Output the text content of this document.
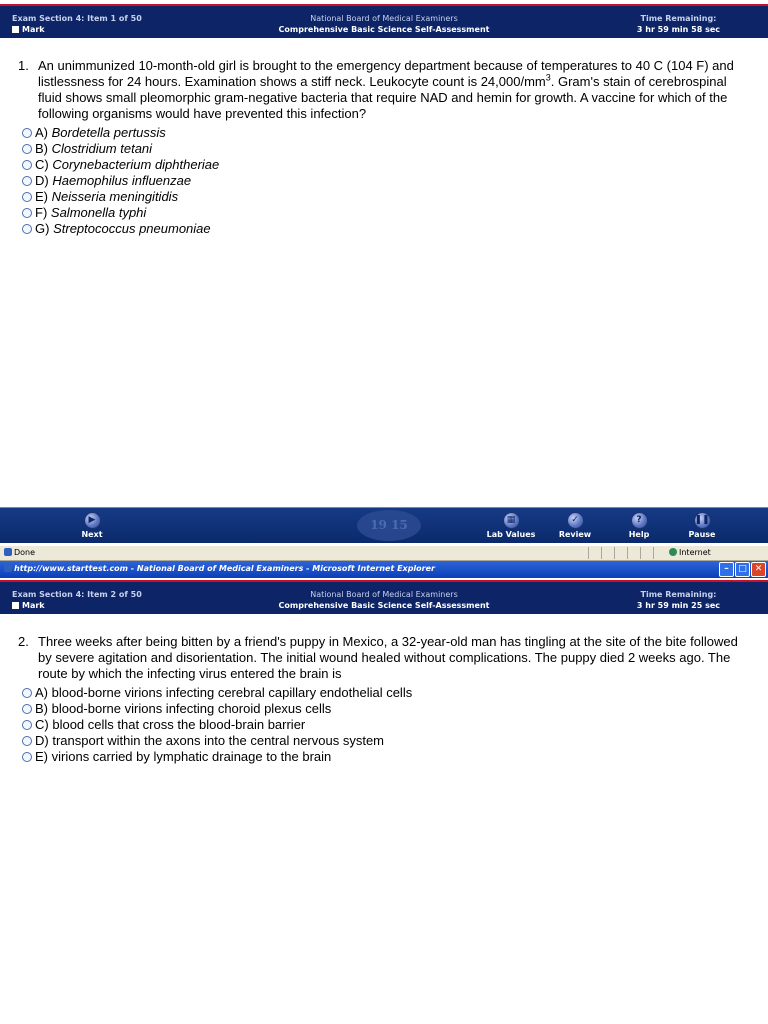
Exam Section 4: Item 1 of 50
Mark
National Board of Medical Examiners
Comprehensive Basic Science Self-Assessment
Time Remaining:
3 hr 59 min 58 sec
1. An unimmunized 10-month-old girl is brought to the emergency department because of temperatures to 40 C (104 F) and listlessness for 24 hours. Examination shows a stiff neck. Leukocyte count is $24,000/mm^3$. Gram's stain of cerebrospinal fluid shows small pleomorphic gram-negative bacteria that require NAD and hemin for growth. A vaccine for which of the following organisms would have prevented this infection?
A) Bordetella pertussis
B) Clostridium tetani
C) Corynebacterium diphtheriae
D) Haemophilus influenzae
E) Neisseria meningitidis
F) Salmonella typhi
G) Streptococcus pneumoniae
▶
Next
19 15	▦
Lab Values
✓
Review
?
Help
❚❚
Pause
Done	Internet
http://www.starttest.com - National Board of Medical Examiners - Microsoft Internet Explorer	– □ ✕
Exam Section 4: Item 2 of 50
Mark
National Board of Medical Examiners
Comprehensive Basic Science Self-Assessment
Time Remaining:
3 hr 59 min 25 sec
2. Three weeks after being bitten by a friend's puppy in Mexico, a 32-year-old man has tingling at the site of the bite followed by severe agitation and disorientation. The initial wound healed without complications. The puppy died 2 weeks ago. The route by which the infecting virus entered the brain is
A) blood-borne virions infecting cerebral capillary endothelial cells
B) blood-borne virions infecting choroid plexus cells
C) blood cells that cross the blood-brain barrier
D) transport within the axons into the central nervous system
E) virions carried by lymphatic drainage to the brain
